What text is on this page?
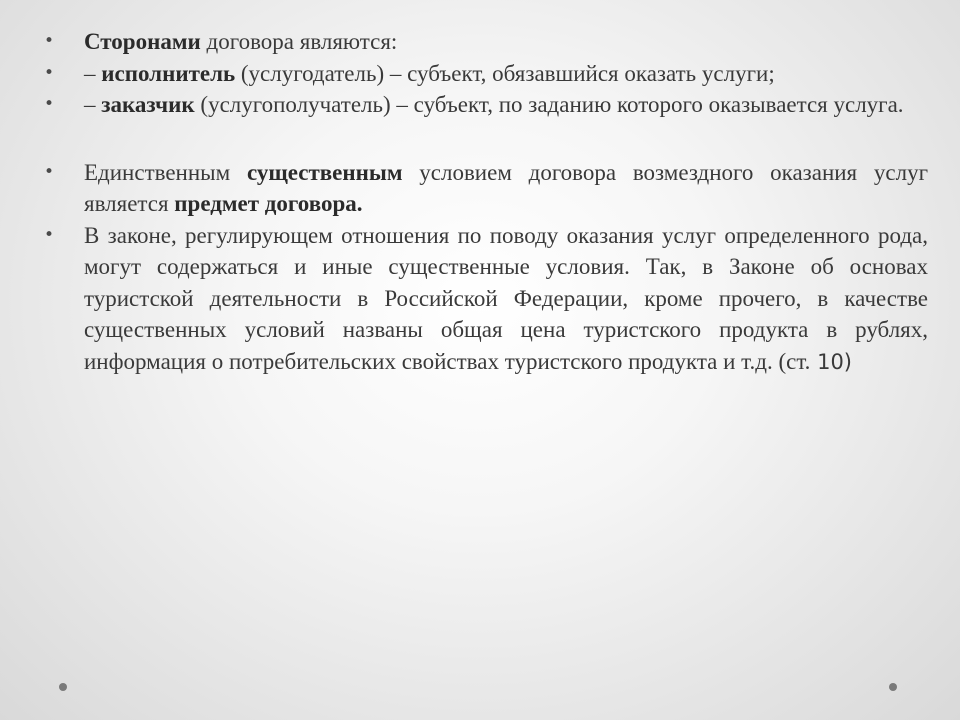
• Сторонами договора являются:
• – исполнитель (услугодатель) – субъект, обязавшийся оказать услуги;
• – заказчик (услугополучатель) – субъект, по заданию которого оказывается услуга.
• Единственным существенным условием договора возмездного оказания услуг является предмет договора.
• В законе, регулирующем отношения по поводу оказания услуг определенного рода, могут содержаться и иные существенные условия. Так, в Законе об основах туристской деятельности в Российской Федерации, кроме прочего, в качестве существенных условий названы общая цена туристского продукта в рублях, информация о потребительских свойствах туристского продукта и т.д. (ст. 10)
